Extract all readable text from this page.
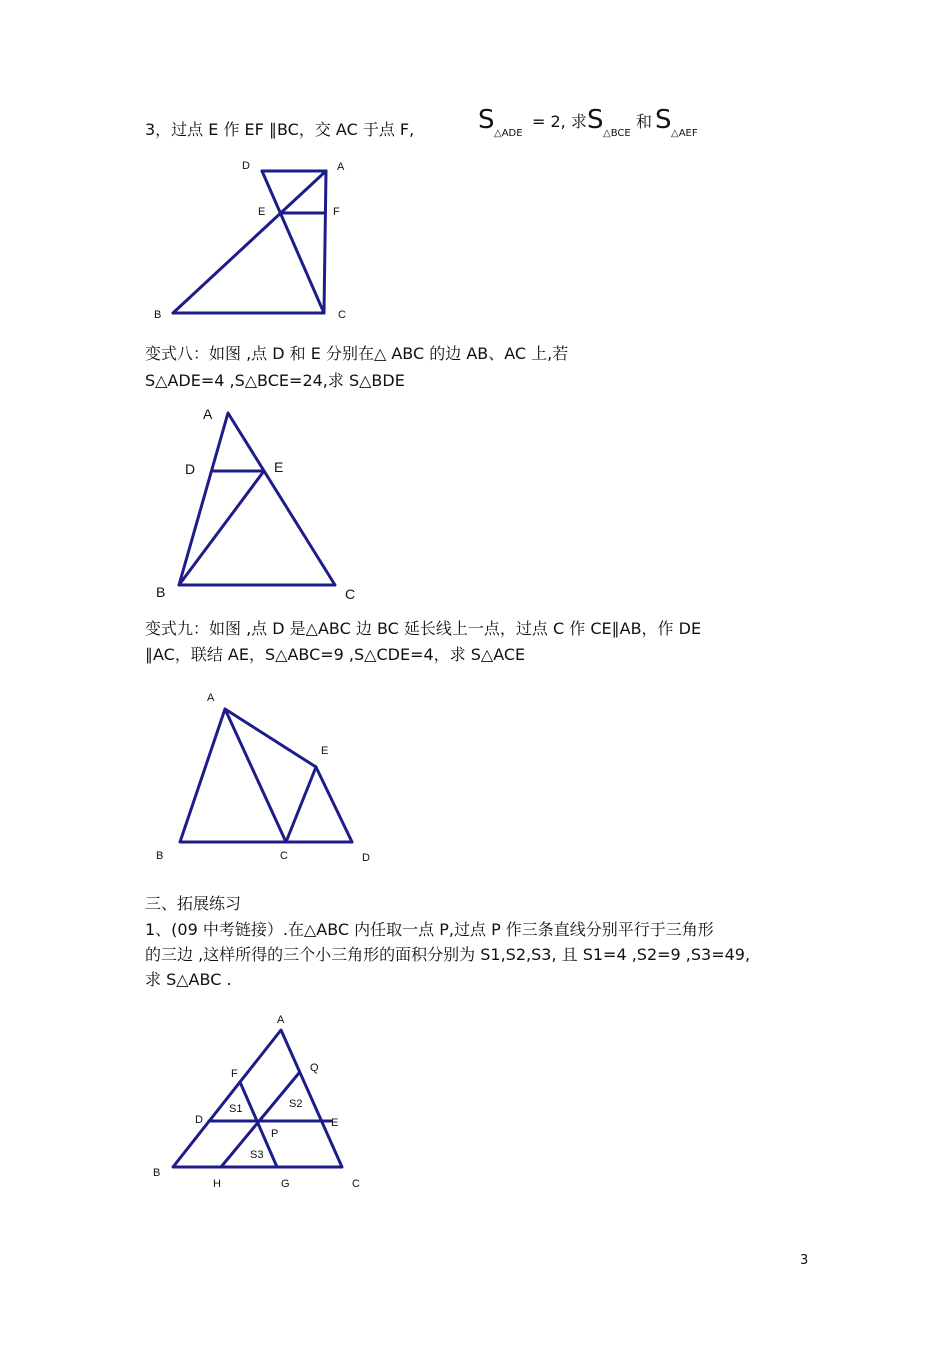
3，过点 E 作 EF ∥BC，交 AC 于点 F, S △ADE
= 2, 求 S △BCE
和 S △AEF
D	A
E	F
B	C
变式八：如图 ,点 D 和 E 分别在△ ABC 的边 AB、AC 上,若
S△ADE=4 ,S△BCE=24,求 S△BDE
A
D	E
B	C
变式九：如图 ,点 D 是△ABC 边 BC 延长线上一点，过点 C 作 CE∥AB，作 DE
∥AC，联结 AE，S△ABC=9 ,S△CDE=4，求 S△ACE
A
E
B	C	D
三、拓展练习
1、(09 中考链接）.在△ABC 内任取一点 P,过点 P 作三条直线分别平行于三角形
的三边 ,这样所得的三个小三角形的面积分别为 S1,S2,S3, 且 S1=4 ,S2=9 ,S3=49,
求 S△ABC .
A
F	Q
D
S1	S2
E
P
S3
B
H	G	C
3
